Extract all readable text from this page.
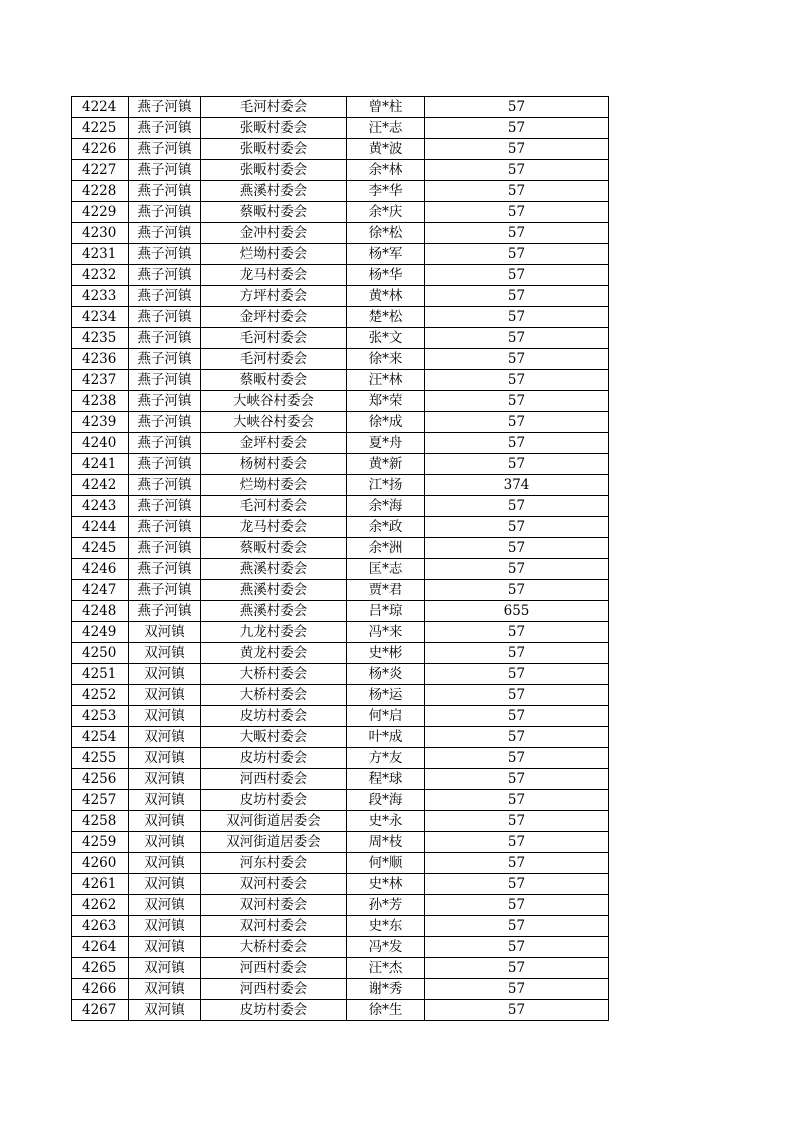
4224	燕子河镇	毛河村委会	曾*柱	57
4225	燕子河镇	张畈村委会	汪*志	57
4226	燕子河镇	张畈村委会	黄*波	57
4227	燕子河镇	张畈村委会	余*林	57
4228	燕子河镇	燕溪村委会	李*华	57
4229	燕子河镇	蔡畈村委会	余*庆	57
4230	燕子河镇	金冲村委会	徐*松	57
4231	燕子河镇	烂坳村委会	杨*军	57
4232	燕子河镇	龙马村委会	杨*华	57
4233	燕子河镇	方坪村委会	黄*林	57
4234	燕子河镇	金坪村委会	楚*松	57
4235	燕子河镇	毛河村委会	张*文	57
4236	燕子河镇	毛河村委会	徐*来	57
4237	燕子河镇	蔡畈村委会	汪*林	57
4238	燕子河镇	大峡谷村委会	郑*荣	57
4239	燕子河镇	大峡谷村委会	徐*成	57
4240	燕子河镇	金坪村委会	夏*舟	57
4241	燕子河镇	杨树村委会	黄*新	57
4242	燕子河镇	烂坳村委会	江*扬	374
4243	燕子河镇	毛河村委会	余*海	57
4244	燕子河镇	龙马村委会	余*政	57
4245	燕子河镇	蔡畈村委会	余*洲	57
4246	燕子河镇	燕溪村委会	匡*志	57
4247	燕子河镇	燕溪村委会	贾*君	57
4248	燕子河镇	燕溪村委会	吕*琼	655
4249	双河镇	九龙村委会	冯*来	57
4250	双河镇	黄龙村委会	史*彬	57
4251	双河镇	大桥村委会	杨*炎	57
4252	双河镇	大桥村委会	杨*运	57
4253	双河镇	皮坊村委会	何*启	57
4254	双河镇	大畈村委会	叶*成	57
4255	双河镇	皮坊村委会	方*友	57
4256	双河镇	河西村委会	程*球	57
4257	双河镇	皮坊村委会	段*海	57
4258	双河镇	双河街道居委会	史*永	57
4259	双河镇	双河街道居委会	周*枝	57
4260	双河镇	河东村委会	何*顺	57
4261	双河镇	双河村委会	史*林	57
4262	双河镇	双河村委会	孙*芳	57
4263	双河镇	双河村委会	史*东	57
4264	双河镇	大桥村委会	冯*发	57
4265	双河镇	河西村委会	汪*杰	57
4266	双河镇	河西村委会	谢*秀	57
4267	双河镇	皮坊村委会	徐*生	57
